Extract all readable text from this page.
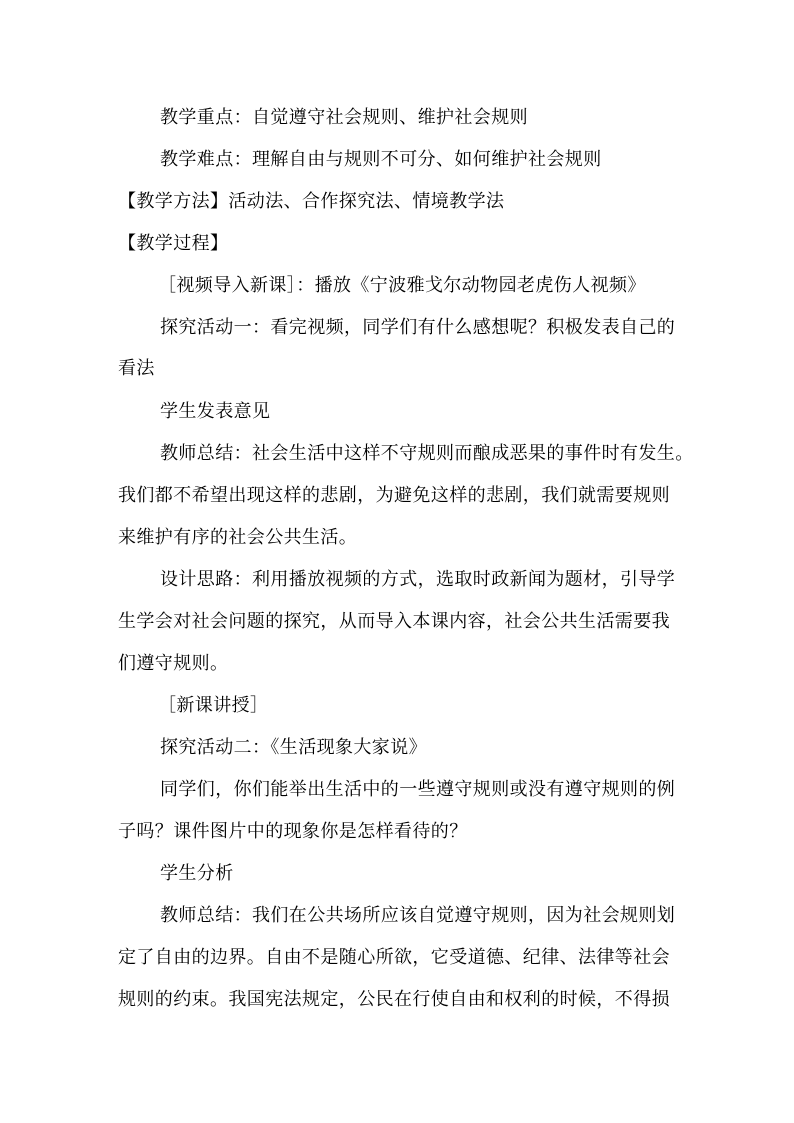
教学重点：自觉遵守社会规则、维护社会规则
教学难点：理解自由与规则不可分、如何维护社会规则
【教学方法】活动法、合作探究法、情境教学法
【教学过程】
［视频导入新课］：播放《宁波雅戈尔动物园老虎伤人视频》
探究活动一：看完视频，同学们有什么感想呢？积极发表自己的
看法
学生发表意见
教师总结：社会生活中这样不守规则而酿成恶果的事件时有发生。
我们都不希望出现这样的悲剧，为避免这样的悲剧，我们就需要规则
来维护有序的社会公共生活。
设计思路：利用播放视频的方式，选取时政新闻为题材，引导学
生学会对社会问题的探究，从而导入本课内容，社会公共生活需要我
们遵守规则。
［新课讲授］
探究活动二：《生活现象大家说》
同学们，你们能举出生活中的一些遵守规则或没有遵守规则的例
子吗？课件图片中的现象你是怎样看待的？
学生分析
教师总结：我们在公共场所应该自觉遵守规则，因为社会规则划
定了自由的边界。自由不是随心所欲，它受道德、纪律、法律等社会
规则的约束。我国宪法规定，公民在行使自由和权利的时候，不得损
